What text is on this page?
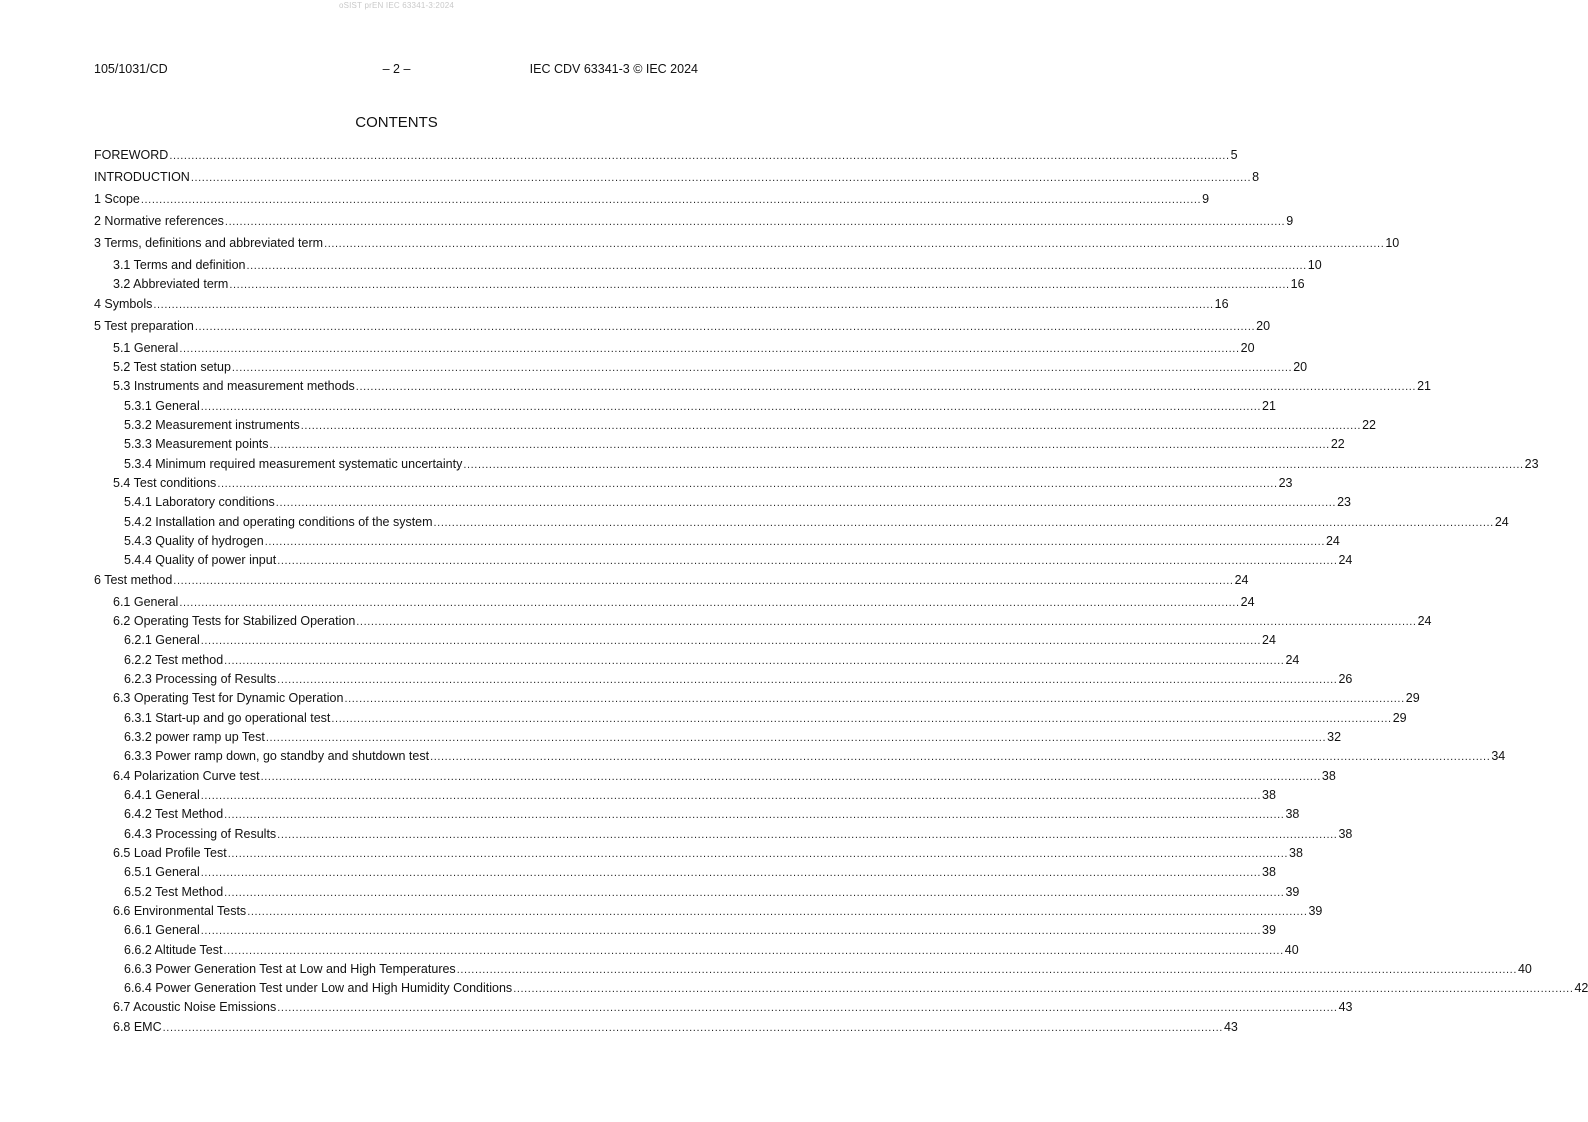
oSIST prEN IEC 63341-3:2024
105/1031/CD	– 2 –	IEC CDV 63341-3 © IEC 2024
CONTENTS
FOREWORD .................................................................................................................................................................................................................................................................................................. 5
INTRODUCTION .................................................................................................................................................................................................................................................................................................. 8
1 Scope .................................................................................................................................................................................................................................................................................................. 9
2 Normative references .................................................................................................................................................................................................................................................................................................. 9
3 Terms, definitions and abbreviated term .................................................................................................................................................................................................................................................................................................. 10
3.1 Terms and definition .................................................................................................................................................................................................................................................................................................. 10
3.2 Abbreviated term .................................................................................................................................................................................................................................................................................................. 16
4 Symbols .................................................................................................................................................................................................................................................................................................. 16
5 Test preparation .................................................................................................................................................................................................................................................................................................. 20
5.1 General .................................................................................................................................................................................................................................................................................................. 20
5.2 Test station setup .................................................................................................................................................................................................................................................................................................. 20
5.3 Instruments and measurement methods .................................................................................................................................................................................................................................................................................................. 21
5.3.1 General .................................................................................................................................................................................................................................................................................................. 21
5.3.2 Measurement instruments .................................................................................................................................................................................................................................................................................................. 22
5.3.3 Measurement points .................................................................................................................................................................................................................................................................................................. 22
5.3.4 Minimum required measurement systematic uncertainty .................................................................................................................................................................................................................................................................................................. 23
5.4 Test conditions .................................................................................................................................................................................................................................................................................................. 23
5.4.1 Laboratory conditions .................................................................................................................................................................................................................................................................................................. 23
5.4.2 Installation and operating conditions of the system .................................................................................................................................................................................................................................................................................................. 24
5.4.3 Quality of hydrogen .................................................................................................................................................................................................................................................................................................. 24
5.4.4 Quality of power input .................................................................................................................................................................................................................................................................................................. 24
6 Test method .................................................................................................................................................................................................................................................................................................. 24
6.1 General .................................................................................................................................................................................................................................................................................................. 24
6.2 Operating Tests for Stabilized Operation .................................................................................................................................................................................................................................................................................................. 24
6.2.1 General .................................................................................................................................................................................................................................................................................................. 24
6.2.2 Test method .................................................................................................................................................................................................................................................................................................. 24
6.2.3 Processing of Results .................................................................................................................................................................................................................................................................................................. 26
6.3 Operating Test for Dynamic Operation .................................................................................................................................................................................................................................................................................................. 29
6.3.1 Start-up and go operational test .................................................................................................................................................................................................................................................................................................. 29
6.3.2 power ramp up Test .................................................................................................................................................................................................................................................................................................. 32
6.3.3 Power ramp down, go standby and shutdown test .................................................................................................................................................................................................................................................................................................. 34
6.4 Polarization Curve test .................................................................................................................................................................................................................................................................................................. 38
6.4.1 General .................................................................................................................................................................................................................................................................................................. 38
6.4.2 Test Method .................................................................................................................................................................................................................................................................................................. 38
6.4.3 Processing of Results .................................................................................................................................................................................................................................................................................................. 38
6.5 Load Profile Test .................................................................................................................................................................................................................................................................................................. 38
6.5.1 General .................................................................................................................................................................................................................................................................................................. 38
6.5.2 Test Method .................................................................................................................................................................................................................................................................................................. 39
6.6 Environmental Tests .................................................................................................................................................................................................................................................................................................. 39
6.6.1 General .................................................................................................................................................................................................................................................................................................. 39
6.6.2 Altitude Test .................................................................................................................................................................................................................................................................................................. 40
6.6.3 Power Generation Test at Low and High Temperatures .................................................................................................................................................................................................................................................................................................. 40
6.6.4 Power Generation Test under Low and High Humidity Conditions .................................................................................................................................................................................................................................................................................................. 42
6.7 Acoustic Noise Emissions .................................................................................................................................................................................................................................................................................................. 43
6.8 EMC .................................................................................................................................................................................................................................................................................................. 43
